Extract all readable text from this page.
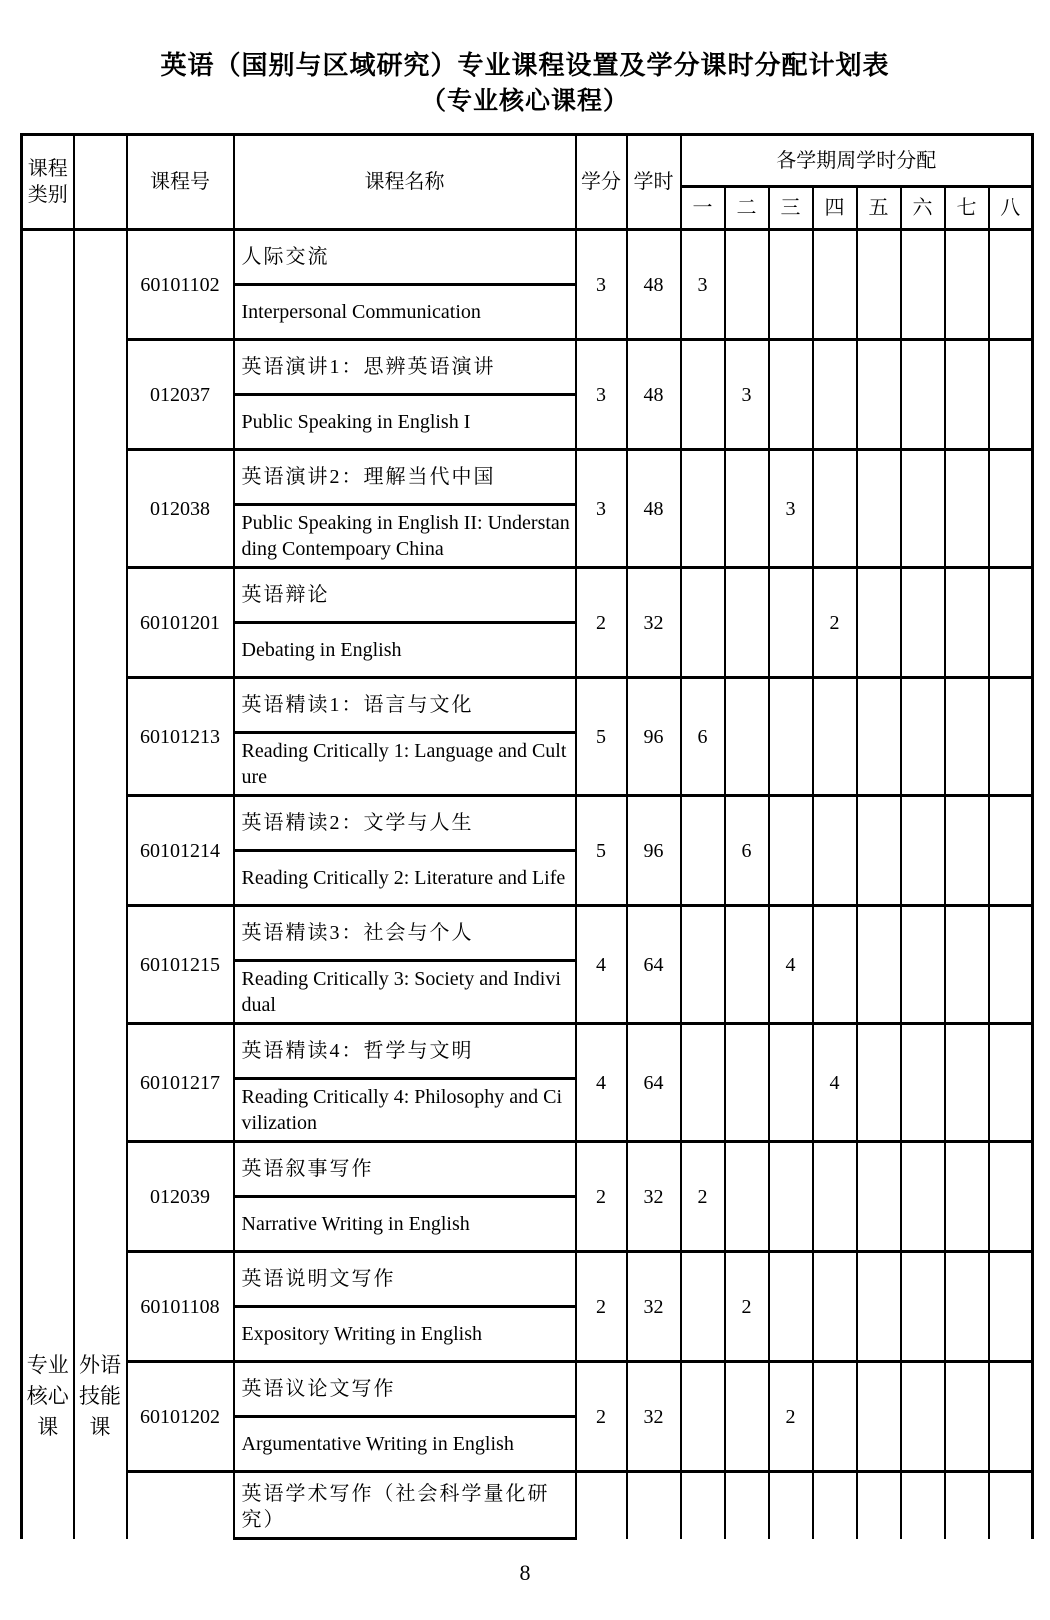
英语（国别与区域研究）专业课程设置及学分课时分配计划表
（专业核心课程）
课程类别		课程号	课程名称	学分	学时	各学期周学时分配							
						一	二	三	四	五	六	七	八
专业核心课	外语技能课	60101102	人际交流	3	48	3							
			Interpersonal Communication										
		012037	英语演讲1：思辨英语演讲	3	48		3						
			Public Speaking in English I										
		012038	英语演讲2：理解当代中国	3	48			3					
			Public Speaking in English II: Understanding Contempoary China										
		60101201	英语辩论	2	32				2				
			Debating in English										
		60101213	英语精读1：语言与文化	5	96	6							
			Reading Critically 1: Language and Culture										
		60101214	英语精读2：文学与人生	5	96		6						
			Reading Critically 2: Literature and Life										
		60101215	英语精读3：社会与个人	4	64			4					
			Reading Critically 3: Society and Individual										
		60101217	英语精读4：哲学与文明	4	64				4				
			Reading Critically 4: Philosophy and Civilization										
		012039	英语叙事写作	2	32	2							
			Narrative Writing in English										
		60101108	英语说明文写作	2	32		2						
			Expository Writing in English										
		60101202	英语议论文写作	2	32			2					
			Argumentative Writing in English										
			英语学术写作（社会科学量化研究）										
8
